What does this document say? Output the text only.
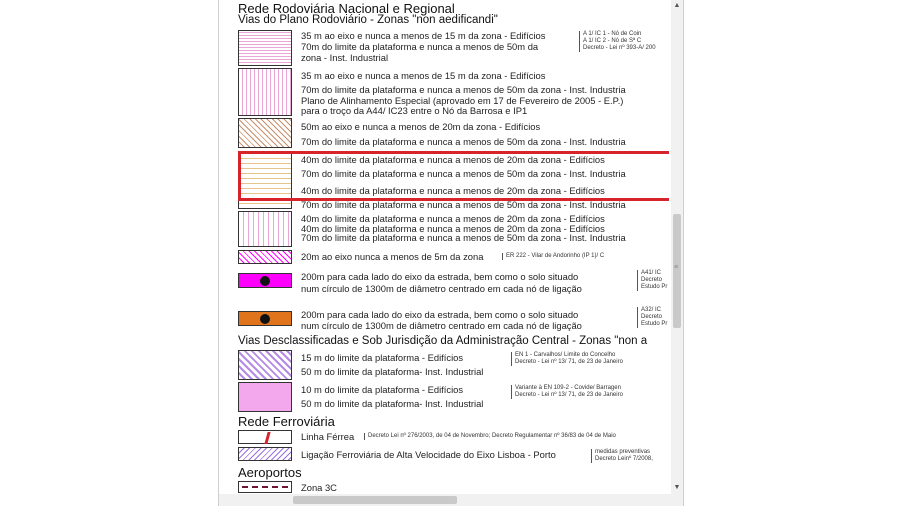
Rede Rodoviária Nacional e Regional
Vias do Plano Rodoviário - Zonas "non aedificandi"
35 m ao eixo e nunca a menos de 15 m da zona - Edifícios
70m do limite da plataforma e nunca a menos de 50m da
zona - Inst. Industrial
A 1/ IC 1 - Nó de Coin
A 1/ IC 2 - Nó de Sª C
Decreto - Lei nº 393-A/ 200
35 m ao eixo e nunca a menos de 15 m da zona - Edifícios
70m do limite da plataforma e nunca a menos de 50m da zona - Inst. Industria
Plano de Alinhamento Especial (aprovado em 17 de Fevereiro de 2005 - E.P.)
para o troço da A44/ IC23 entre o Nó da Barrosa e IP1
50m ao eixo e nunca a menos de 20m da zona - Edifícios
70m do limite da plataforma e nunca a menos de 50m da zona - Inst. Industria
40m do limite da plataforma e nunca a menos de 20m da zona - Edifícios
70m do limite da plataforma e nunca a menos de 50m da zona - Inst. Industria
40m do limite da plataforma e nunca a menos de 20m da zona - Edifícios
70m do limite da plataforma e nunca a menos de 50m da zona - Inst. Industria
40m do limite da plataforma e nunca a menos de 20m da zona - Edifícios
40m do limite da plataforma e nunca a menos de 20m da zona - Edifícios
70m do limite da plataforma e nunca a menos de 50m da zona - Inst. Industria
20m ao eixo nunca a menos de 5m da zona	ER 222 - Vilar de Andorinho (IP 1)/ C
200m para cada lado do eixo da estrada, bem como o solo situado
num círculo de 1300m de diâmetro centrado em cada nó de ligação
A41/ IC
Decreto
Estudo Pr
200m para cada lado do eixo da estrada, bem como o solo situado
num círculo de 1300m de diâmetro centrado em cada nó de ligação
A32/ IC
Decreto
Estudo Pr
Vias Desclassificadas e Sob Jurisdição da Administração Central - Zonas "non a
15 m do limite da plataforma - Edifícios
50 m do limite da plataforma- Inst. Industrial
EN 1 - Carvalhos/ Limite do Concelho
Decreto - Lei nº 13/ 71, de 23 de Janeiro
10 m do limite da plataforma - Edifícios
50 m do limite da plataforma- Inst. Industrial
Variante à EN 109-2 - Covide/ Barragen
Decreto - Lei nº 13/ 71, de 23 de Janeiro
Rede Ferroviária
Linha Férrea Decreto Lei nº 276/2003, de 04 de Novembro; Decreto Regulamentar nº 36/83 de 04 de Maio
Ligação Ferroviária de Alta Velocidade do Eixo Lisboa - Porto	medidas preventivas
Decreto Leinº 7/2008,
Aeroportos
Zona 3C
▲
≡
▼
